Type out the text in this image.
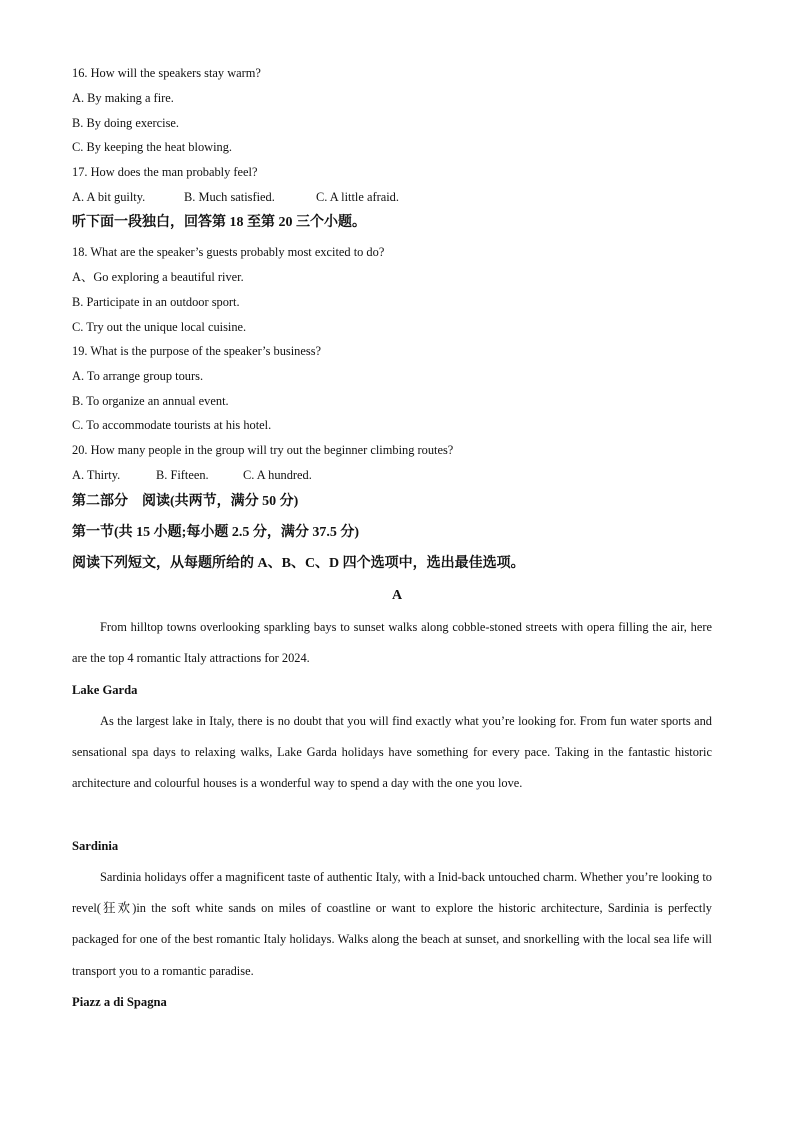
16. How will the speakers stay warm?
A. By making a fire.
B. By doing exercise.
C. By keeping the heat blowing.
17. How does the man probably feel?
A. A bit guilty.	B. Much satisfied.	C. A little afraid.
听下面一段独白，回答第 18 至第 20 三个小题。
18. What are the speaker’s guests probably most excited to do?
A、Go exploring a beautiful river.
B. Participate in an outdoor sport.
C. Try out the unique local cuisine.
19. What is the purpose of the speaker’s business?
A. To arrange group tours.
B. To organize an annual event.
C. To accommodate tourists at his hotel.
20. How many people in the group will try out the beginner climbing routes?
A. Thirty.	B. Fifteen.	C. A hundred.
第二部分　阅读(共两节，满分 50 分)
第一节(共 15 小题;每小题 2.5 分，满分 37.5 分)
阅读下列短文，从每题所给的 A、B、C、D 四个选项中，选出最佳选项。
A
From hilltop towns overlooking sparkling bays to sunset walks along cobble-stoned streets with opera filling the air, here are the top 4 romantic Italy attractions for 2024.
Lake Garda
As the largest lake in Italy, there is no doubt that you will find exactly what you’re looking for. From fun water sports and sensational spa days to relaxing walks, Lake Garda holidays have something for every pace. Taking in the fantastic historic architecture and colourful houses is a wonderful way to spend a day with the one you love.
Sardinia
Sardinia holidays offer a magnificent taste of authentic Italy, with a Inid-back untouched charm. Whether you’re looking to revel(狂欢)in the soft white sands on miles of coastline or want to explore the historic architecture, Sardinia is perfectly packaged for one of the best romantic Italy holidays. Walks along the beach at sunset, and snorkelling with the local sea life will transport you to a romantic paradise.
Piazz a di Spagna
